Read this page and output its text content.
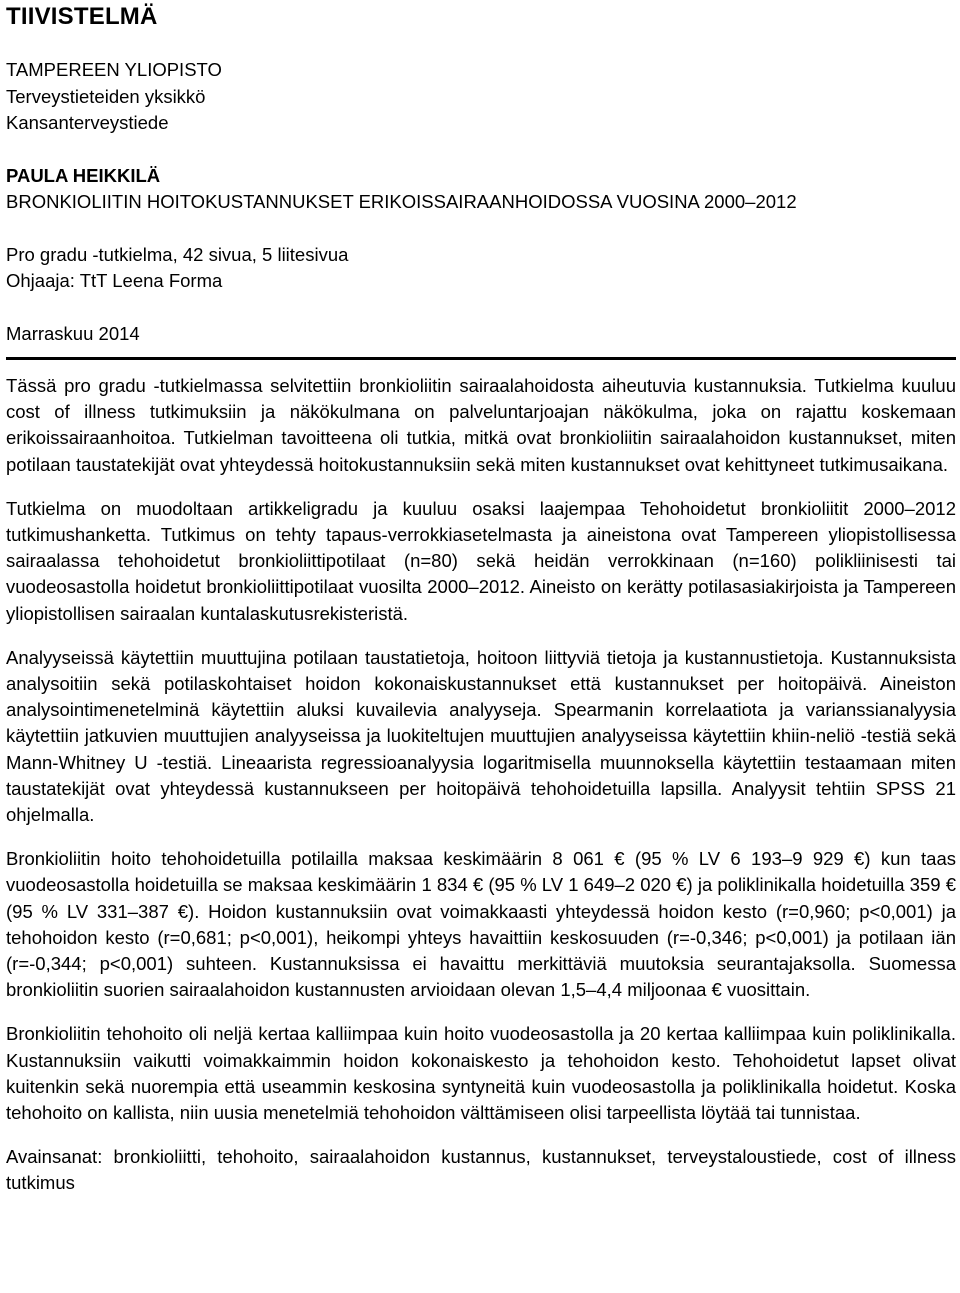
TIIVISTELMÄ
TAMPEREEN YLIOPISTO
Terveystieteiden yksikkö
Kansanterveystiede
PAULA HEIKKILÄ
BRONKIOLIITIN HOITOKUSTANNUKSET ERIKOISSAIRAANHOIDOSSA VUOSINA 2000–2012
Pro gradu -tutkielma, 42 sivua, 5 liitesivua
Ohjaaja: TtT Leena Forma
Marraskuu 2014

Tässä pro gradu -tutkielmassa selvitettiin bronkioliitin sairaalahoidosta aiheutuvia kustannuksia. Tutkielma kuuluu cost of illness tutkimuksiin ja näkökulmana on palveluntarjoajan näkökulma, joka on rajattu koskemaan erikoissairaanhoitoa. Tutkielman tavoitteena oli tutkia, mitkä ovat bronkioliitin sairaalahoidon kustannukset, miten potilaan taustatekijät ovat yhteydessä hoitokustannuksiin sekä miten kustannukset ovat kehittyneet tutkimusaikana.

Tutkielma on muodoltaan artikkeligradu ja kuuluu osaksi laajempaa Tehohoidetut bronkioliitit 2000–2012 tutkimushanketta. Tutkimus on tehty tapaus-verrokkiasetelmasta ja aineistona ovat Tampereen yliopistollisessa sairaalassa tehohoidetut bronkioliittipotilaat (n=80) sekä heidän verrokkinaan (n=160) polikliinisesti tai vuodeosastolla hoidetut bronkioliittipotilaat vuosilta 2000–2012. Aineisto on kerätty potilasasiakirjoista ja Tampereen yliopistollisen sairaalan kuntalaskutusrekisteristä.

Analyyseissä käytettiin muuttujina potilaan taustatietoja, hoitoon liittyviä tietoja ja kustannustietoja. Kustannuksista analysoitiin sekä potilaskohtaiset hoidon kokonaiskustannukset että kustannukset per hoitopäivä. Aineiston analysointimenetelminä käytettiin aluksi kuvailevia analyyseja. Spearmanin korrelaatiota ja varianssianalyysia käytettiin jatkuvien muuttujien analyyseissa ja luokiteltujen muuttujien analyyseissa käytettiin khiin-neliö -testiä sekä Mann-Whitney U -testiä. Lineaarista regressioanalyysia logaritmisella muunnoksella käytettiin testaamaan miten taustatekijät ovat yhteydessä kustannukseen per hoitopäivä tehohoidetuilla lapsilla. Analyysit tehtiin SPSS 21 ohjelmalla.

Bronkioliitin hoito tehohoidetuilla potilailla maksaa keskimäärin 8 061 € (95 % LV 6 193–9 929 €) kun taas vuodeosastolla hoidetuilla se maksaa keskimäärin 1 834 € (95 % LV 1 649–2 020 €) ja poliklinikalla hoidetuilla 359 € (95 % LV 331–387 €). Hoidon kustannuksiin ovat voimakkaasti yhteydessä hoidon kesto (r=0,960; p<0,001) ja tehohoidon kesto (r=0,681; p<0,001), heikompi yhteys havaittiin keskosuuden (r=-0,346; p<0,001) ja potilaan iän (r=-0,344; p<0,001) suhteen. Kustannuksissa ei havaittu merkittäviä muutoksia seurantajaksolla. Suomessa bronkioliitin suorien sairaalahoidon kustannusten arvioidaan olevan 1,5–4,4 miljoonaa € vuosittain.

Bronkioliitin tehohoito oli neljä kertaa kalliimpaa kuin hoito vuodeosastolla ja 20 kertaa kalliimpaa kuin poliklinikalla. Kustannuksiin vaikutti voimakkaimmin hoidon kokonaiskesto ja tehohoidon kesto. Tehohoidetut lapset olivat kuitenkin sekä nuorempia että useammin keskosina syntyneitä kuin vuodeosastolla ja poliklinikalla hoidetut. Koska tehohoito on kallista, niin uusia menetelmiä tehohoidon välttämiseen olisi tarpeellista löytää tai tunnistaa.

Avainsanat: bronkioliitti, tehohoito, sairaalahoidon kustannus, kustannukset, terveystaloustiede, cost of illness tutkimus
